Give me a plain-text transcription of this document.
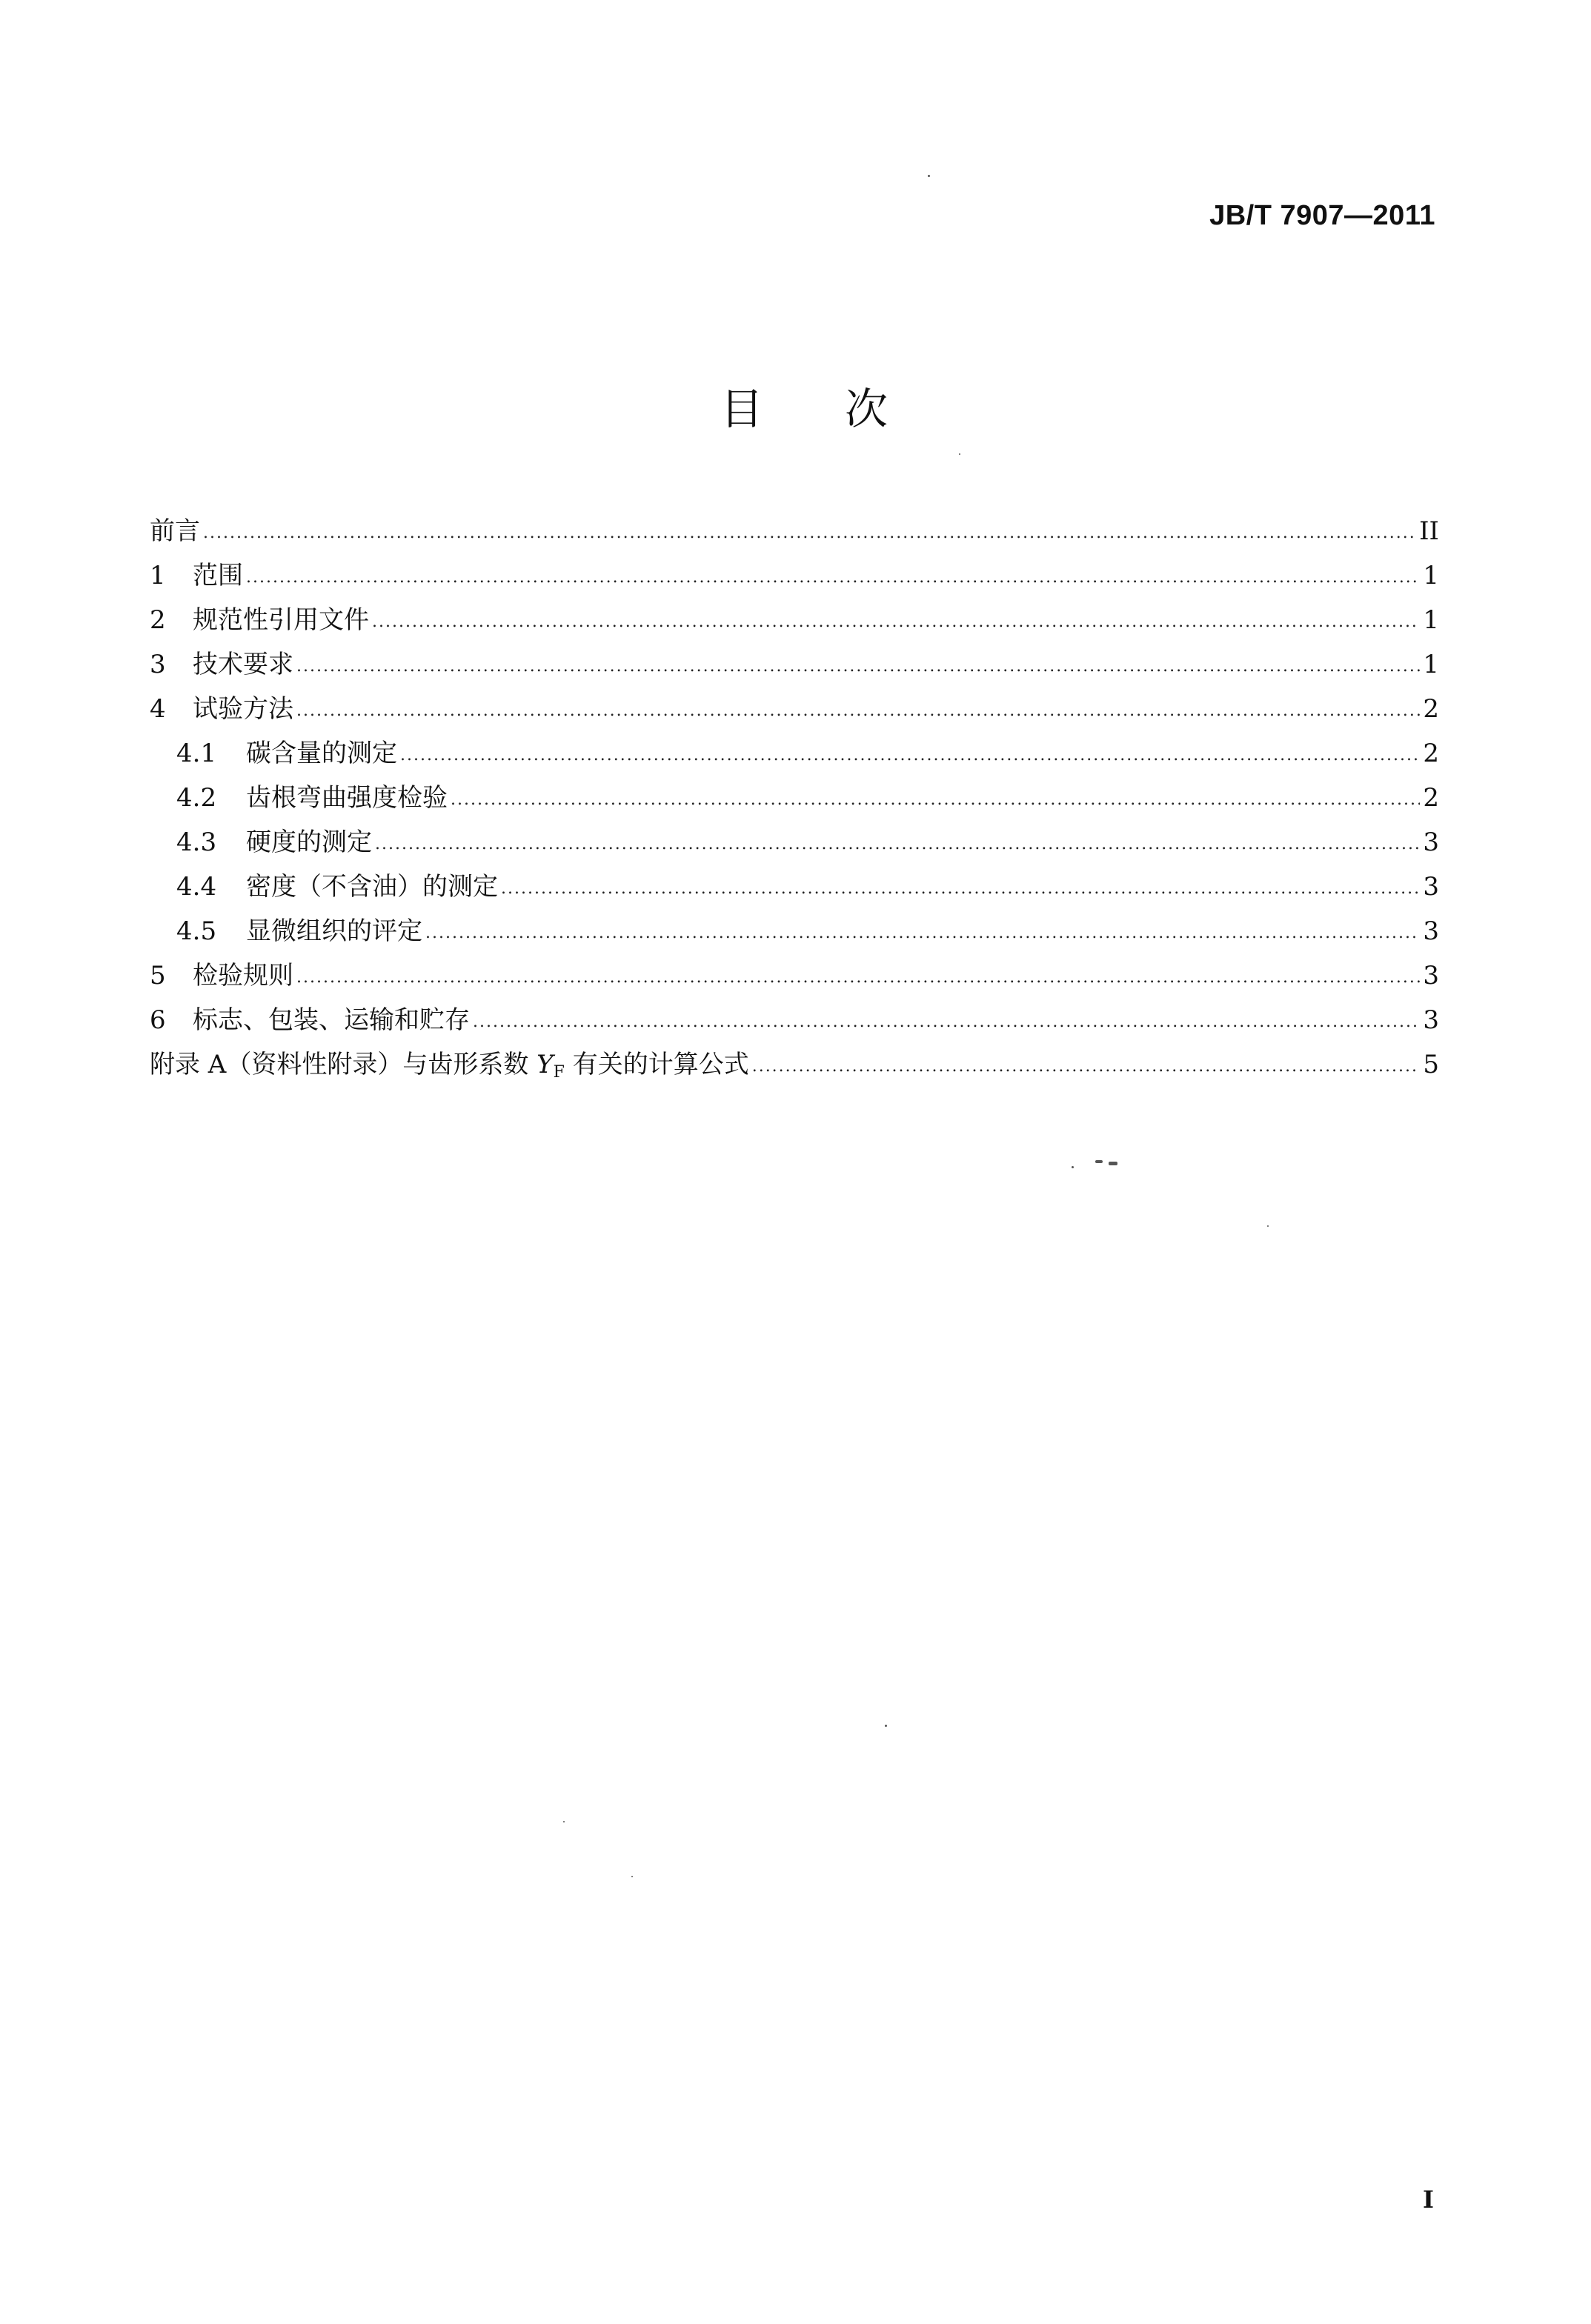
JB/T 7907—2011
目次
前言 .....	II
1	范围 .....	1
2	规范性引用文件 .....	1
3	技术要求 .....	1
4	试验方法 .....	2
4.1	碳含量的测定 .....	2
4.2	齿根弯曲强度检验 .....	2
4.3	硬度的测定 .....	3
4.4	密度（不含油）的测定 .....	3
4.5	显微组织的评定 .....	3
5	检验规则 .....	3
6	标志、包装、运输和贮存 .....	3
附录 A（资料性附录）与齿形系数 YF 有关的计算公式 .....	5
I
